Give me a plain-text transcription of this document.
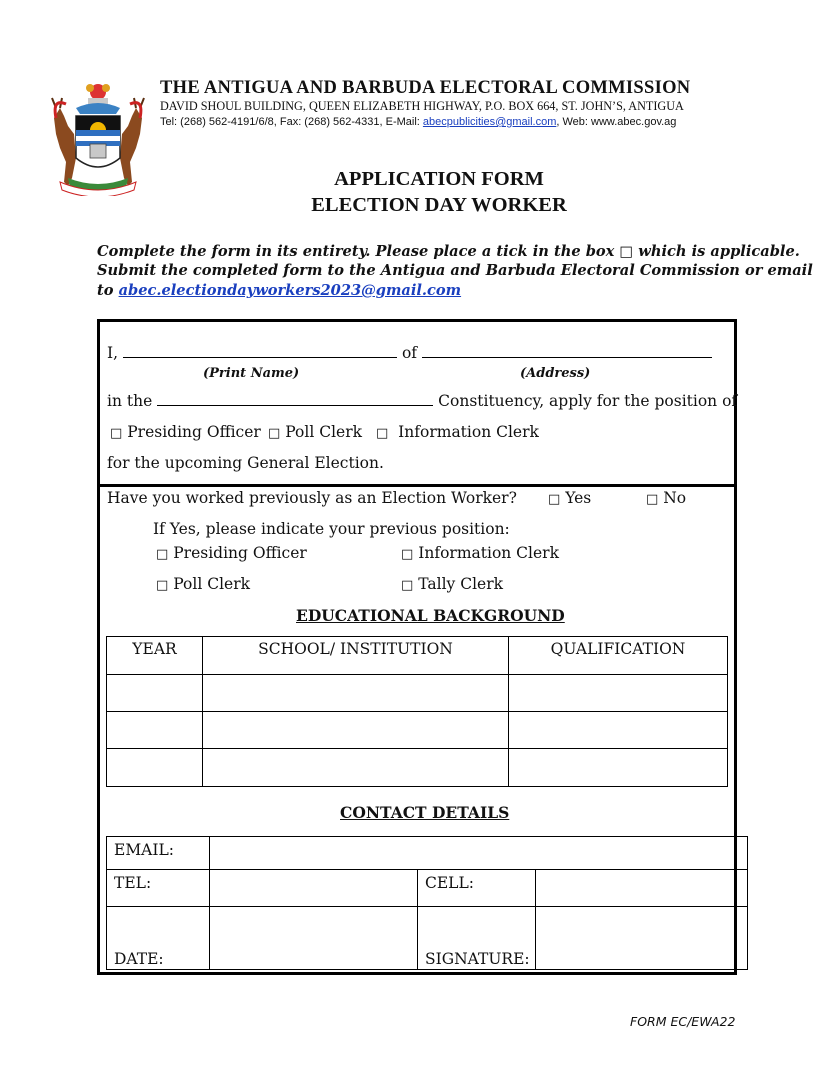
THE ANTIGUA AND BARBUDA ELECTORAL COMMISSION
DAVID SHOUL BUILDING, QUEEN ELIZABETH HIGHWAY, P.O. BOX 664, ST. JOHN’S, ANTIGUA
Tel: (268) 562-4191/6/8, Fax: (268) 562-4331, E-Mail: abecpublicities@gmail.com, Web: www.abec.gov.ag
APPLICATION FORM
ELECTION DAY WORKER
Complete the form in its entirety. Please place a tick in the box □ which is applicable.
Submit the completed form to the Antigua and Barbuda Electoral Commission or email
to abec.electiondayworkers2023@gmail.com
I,	of
(Print Name)	(Address)
in the	Constituency, apply for the position of
□ Presiding Officer □ Poll Clerk □ Information Clerk
for the upcoming General Election.
Have you worked previously as an Election Worker? □ Yes	□ No
If Yes, please indicate your previous position:
□ Presiding Officer	□ Information Clerk
□ Poll Clerk	□ Tally Clerk
EDUCATIONAL BACKGROUND
YEAR	SCHOOL/ INSTITUTION	QUALIFICATION

CONTACT DETAILS
EMAIL:			
TEL:		CELL:	
DATE:		SIGNATURE:	
FORM EC/EWA22
